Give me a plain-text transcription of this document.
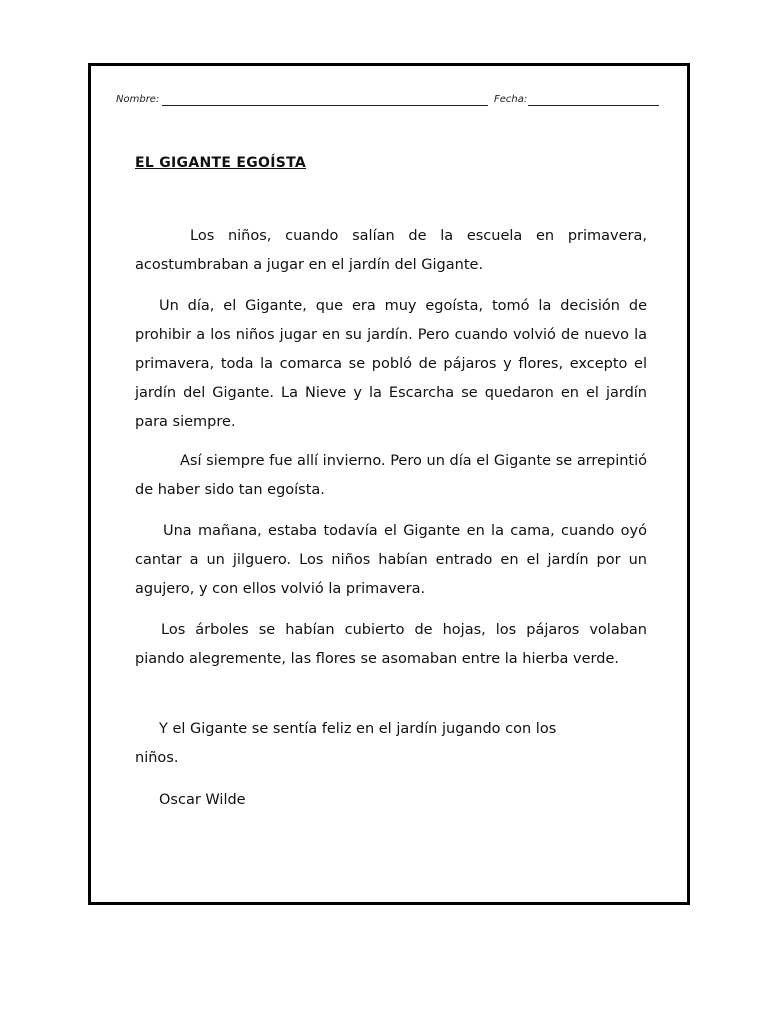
Nombre:	Fecha:
EL GIGANTE EGOÍSTA

Los niños, cuando salían de la escuela en primavera, acostumbraban a jugar en el jardín del Gigante.

Un día, el Gigante, que era muy egoísta, tomó la decisión de prohibir a los niños jugar en su jardín. Pero cuando volvió de nuevo la primavera, toda la comarca se pobló de pájaros y flores, excepto el jardín del Gigante. La Nieve y la Escarcha se quedaron en el jardín para siempre.

Así siempre fue allí invierno. Pero un día el Gigante se arrepintió de haber sido tan egoísta.

Una mañana, estaba todavía el Gigante en la cama, cuando oyó cantar a un jilguero. Los niños habían entrado en el jardín por un agujero, y con ellos volvió la primavera.

Los árboles se habían cubierto de hojas, los pájaros volaban piando alegremente, las flores se asomaban entre la hierba verde.

Y el Gigante se sentía feliz en el jardín jugando con los niños.

Oscar Wilde
